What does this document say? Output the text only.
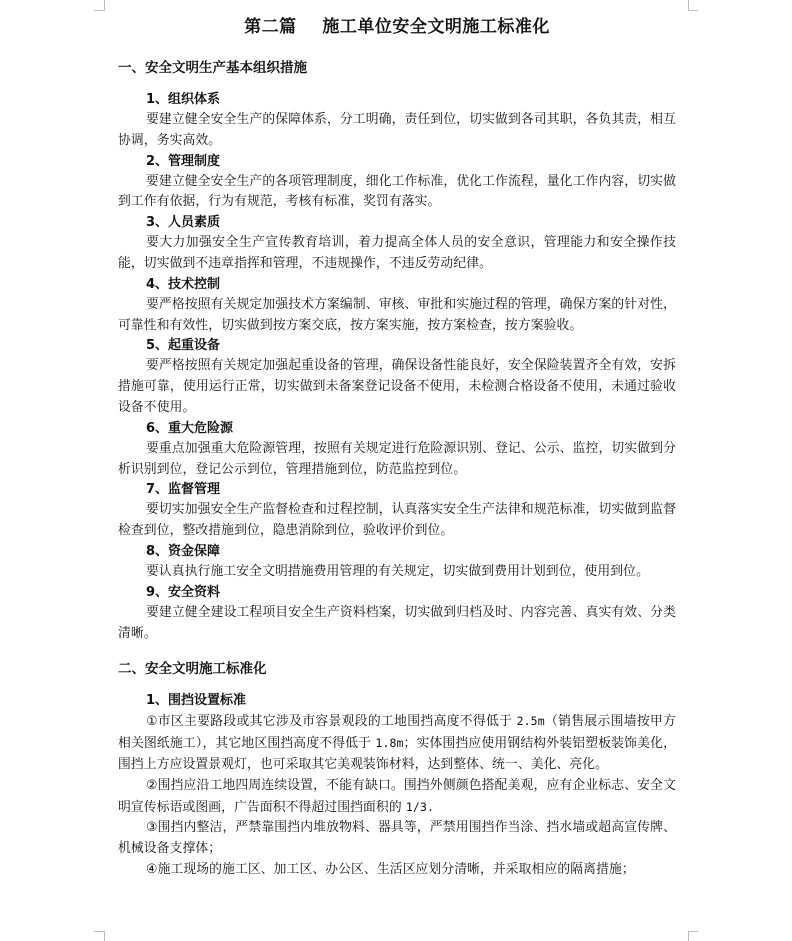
第二篇    施工单位安全文明施工标准化
一、安全文明生产基本组织措施
1、组织体系

要建立健全安全生产的保障体系，分工明确，责任到位，切实做到各司其职，各负其责，相互协调，务实高效。

2、管理制度

要建立健全安全生产的各项管理制度，细化工作标准，优化工作流程，量化工作内容，切实做到工作有依据，行为有规范，考核有标准，奖罚有落实。

3、人员素质

要大力加强安全生产宣传教育培训，着力提高全体人员的安全意识，管理能力和安全操作技能，切实做到不违章指挥和管理，不违规操作，不违反劳动纪律。

4、技术控制

要严格按照有关规定加强技术方案编制、审核、审批和实施过程的管理，确保方案的针对性，可靠性和有效性，切实做到按方案交底，按方案实施，按方案检查，按方案验收。

5、起重设备

要严格按照有关规定加强起重设备的管理，确保设备性能良好，安全保险装置齐全有效，安拆措施可靠，使用运行正常，切实做到未备案登记设备不使用，未检测合格设备不使用，未通过验收设备不使用。

6、重大危险源

要重点加强重大危险源管理，按照有关规定进行危险源识别、登记、公示、监控，切实做到分析识别到位，登记公示到位，管理措施到位，防范监控到位。

7、监督管理

要切实加强安全生产监督检查和过程控制，认真落实安全生产法律和规范标准，切实做到监督检查到位，整改措施到位，隐患消除到位，验收评价到位。

8、资金保障

要认真执行施工安全文明措施费用管理的有关规定，切实做到费用计划到位，使用到位。

9、安全资料

要建立健全建设工程项目安全生产资料档案，切实做到归档及时、内容完善、真实有效、分类清晰。

二、安全文明施工标准化
1、围挡设置标准

①市区主要路段或其它涉及市容景观段的工地围挡高度不得低于 2.5m（销售展示围墙按甲方相关图纸施工），其它地区围挡高度不得低于 1.8m；实体围挡应使用钢结构外装铝塑板装饰美化，围挡上方应设置景观灯，也可采取其它美观装饰材料，达到整体、统一、美化、亮化。

②围挡应沿工地四周连续设置，不能有缺口。围挡外侧颜色搭配美观，应有企业标志、安全文明宣传标语或图画，广告面积不得超过围挡面积的 1/3.

③围挡内整洁，严禁靠围挡内堆放物料、器具等，严禁用围挡作当涂、挡水墙或超高宣传牌、机械设备支撑体；

④施工现场的施工区、加工区、办公区、生活区应划分清晰，并采取相应的隔离措施；
